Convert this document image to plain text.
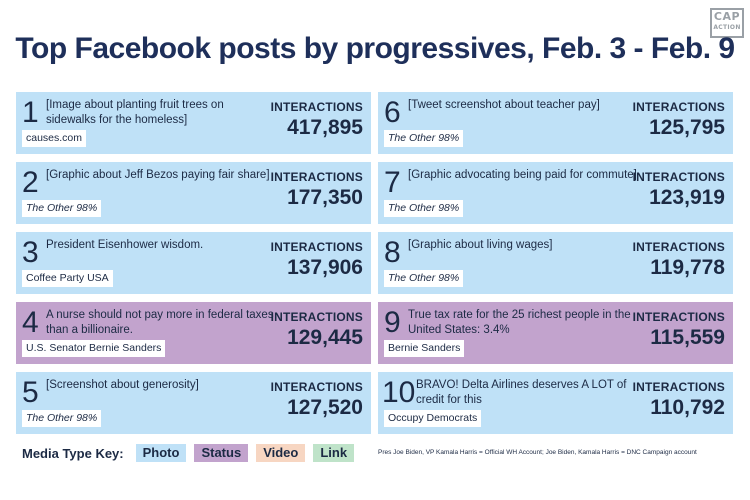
CAP
ACTION
Top Facebook posts by progressives, Feb. 3 - Feb. 9
1 [Image about planting fruit trees on sidewalks for the homeless]
causes.com
INTERACTIONS
417,895
2 [Graphic about Jeff Bezos paying fair share]
The Other 98%
INTERACTIONS
177,350
3 President Eisenhower wisdom.
Coffee Party USA
INTERACTIONS
137,906
4 A nurse should not pay more in federal taxes than a billionaire.
U.S. Senator Bernie Sanders
INTERACTIONS
129,445
5 [Screenshot about generosity]
The Other 98%
INTERACTIONS
127,520
6 [Tweet screenshot about teacher pay]
The Other 98%
INTERACTIONS
125,795
7 [Graphic advocating being paid for commute]
The Other 98%
INTERACTIONS
123,919
8 [Graphic about living wages]
The Other 98%
INTERACTIONS
119,778
9 True tax rate for the 25 richest people in the United States: 3.4%
Bernie Sanders
INTERACTIONS
115,559
10 BRAVO! Delta Airlines deserves A LOT of credit for this
Occupy Democrats
INTERACTIONS
110,792
Media Type Key:	Photo	Status	Video	Link	Pres Joe Biden, VP Kamala Harris = Official WH Account; Joe Biden, Kamala Harris = DNC Campaign account
